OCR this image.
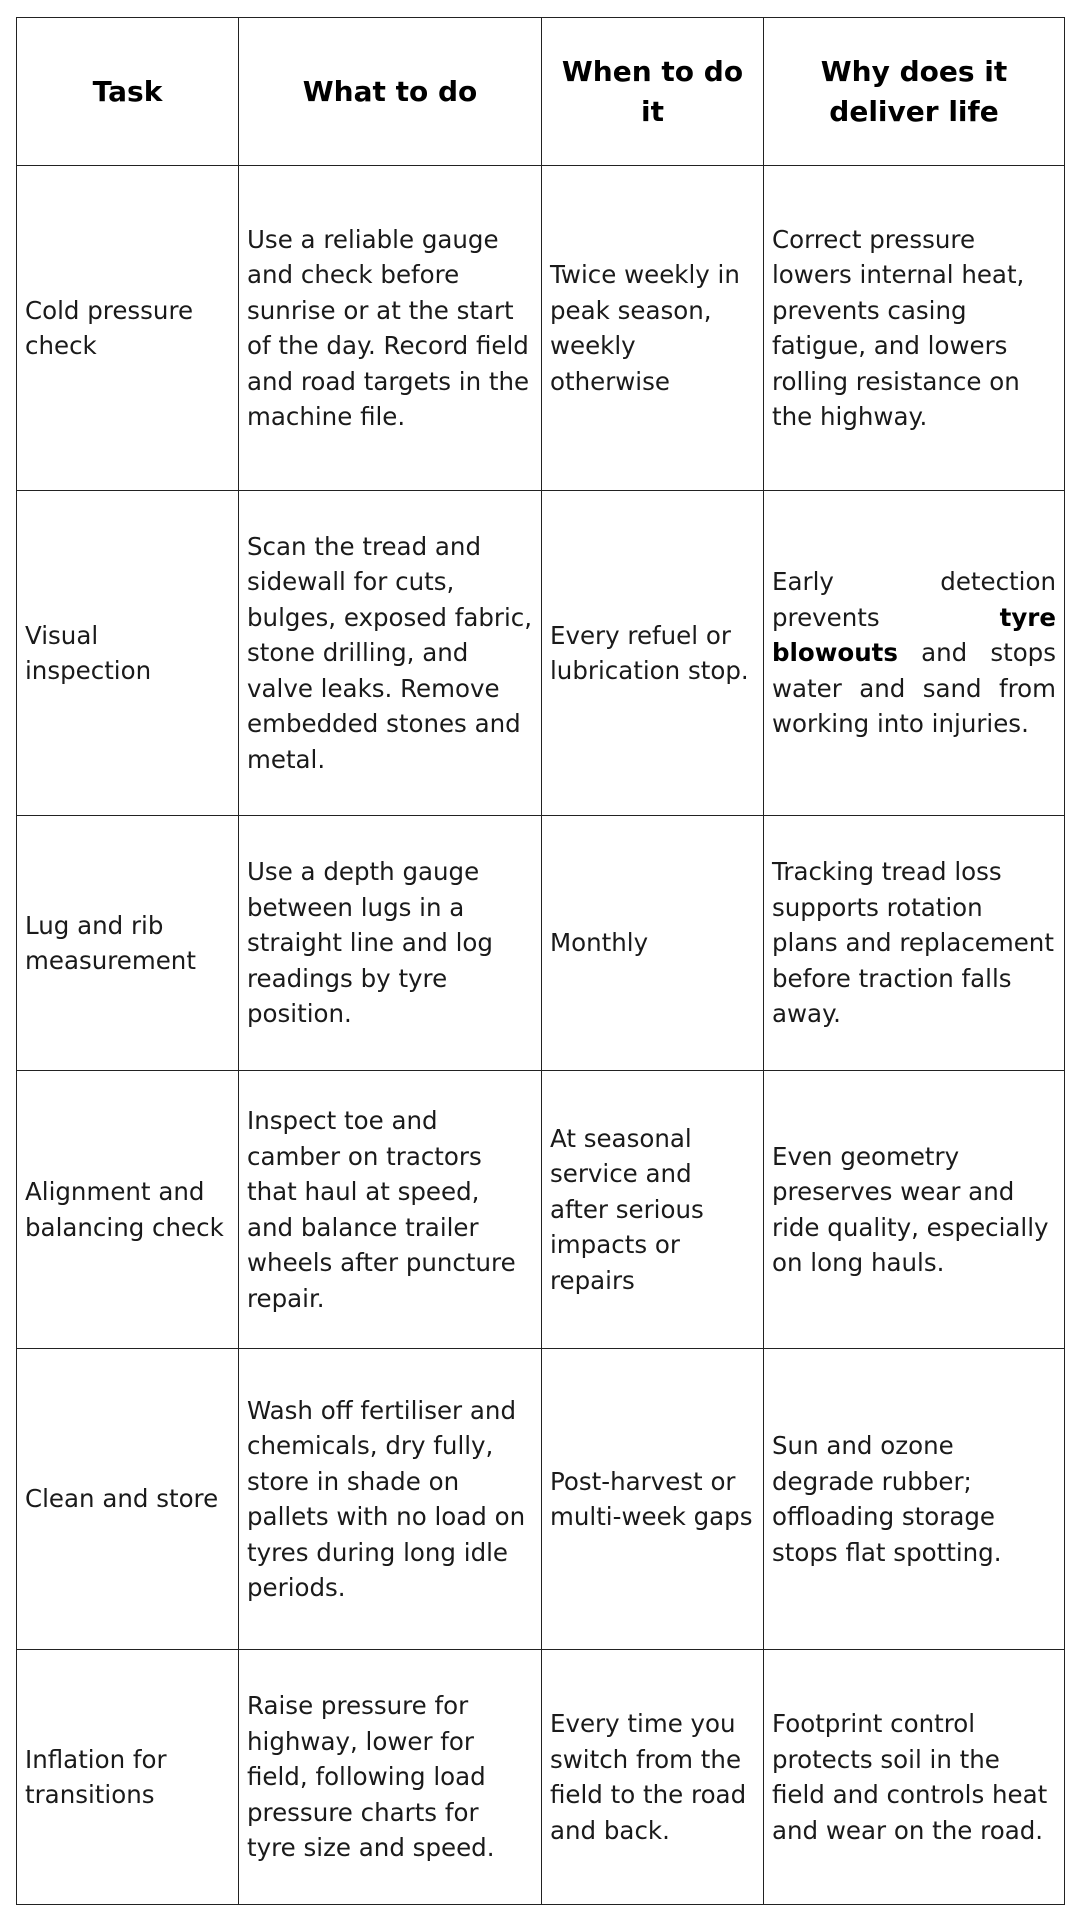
Task	What to do	When to do it	Why does it deliver life
Cold pressure check	Use a reliable gauge and check before sunrise or at the start of the day. Record field and road targets in the machine file.	Twice weekly in peak season, weekly otherwise	Correct pressure lowers internal heat, prevents casing fatigue, and lowers rolling resistance on the highway.
Visual inspection	Scan the tread and sidewall for cuts, bulges, exposed fabric, stone drilling, and valve leaks. Remove embedded stones and metal.	Every refuel or lubrication stop.	Early detection prevents tyre blowouts and stops water and sand from working into injuries.
Lug and rib measurement	Use a depth gauge between lugs in a straight line and log readings by tyre position.	Monthly	Tracking tread loss supports rotation plans and replacement before traction falls away.
Alignment and balancing check	Inspect toe and camber on tractors that haul at speed, and balance trailer wheels after puncture repair.	At seasonal service and after serious impacts or repairs	Even geometry preserves wear and ride quality, especially on long hauls.
Clean and store	Wash off fertiliser and chemicals, dry fully, store in shade on pallets with no load on tyres during long idle periods.	Post-harvest or multi-week gaps	Sun and ozone degrade rubber; offloading storage stops flat spotting.
Inflation for transitions	Raise pressure for highway, lower for field, following load pressure charts for tyre size and speed.	Every time you switch from the field to the road and back.	Footprint control protects soil in the field and controls heat and wear on the road.
